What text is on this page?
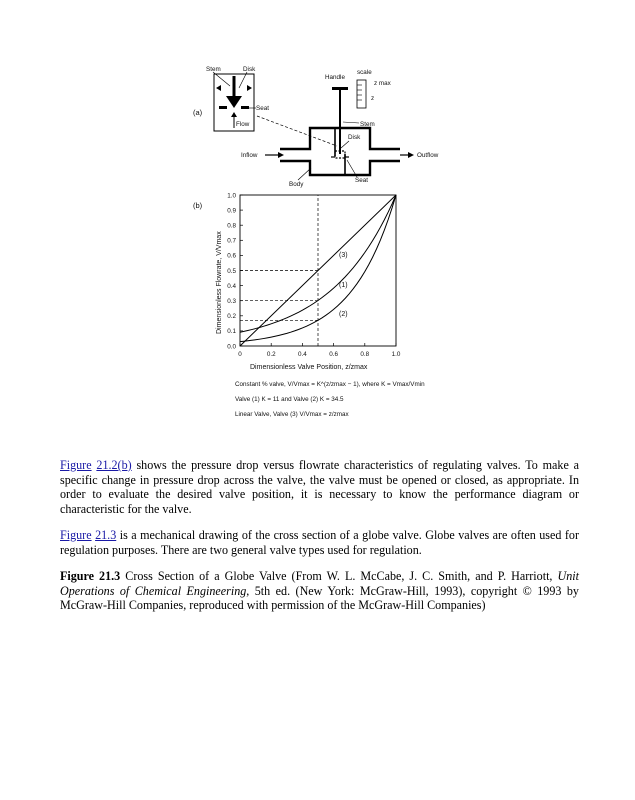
(a)
Stem	Disk
Flow
Seat
Handle
scale
z max
z
Stem
Disk
Inflow	Outflow
Body
Seat
(b)
0.0
0.1
0.2
0.3
0.4
0.5
0.6
0.7
0.8
0.9
1.0
0	0.2	0.4	0.6	0.8	1.0
Dimensionless Valve Position, z/zmax
Dimensionless Flowrate, V/Vmax	(3)
(1)
(2)
Constant % valve, V/Vmax = K^(z/zmax − 1), where K = Vmax/Vmin
Valve (1) K = 11 and Valve (2) K = 34.5
Linear Valve, Valve (3) V/Vmax = z/zmax
Figure 21.2(b) shows the pressure drop versus flowrate characteristics of regulating valves. To make a specific change in pressure drop across the valve, the valve must be opened or closed, as appropriate. In order to evaluate the desired valve position, it is necessary to know the performance diagram or characteristic for the valve.
Figure 21.3 is a mechanical drawing of the cross section of a globe valve. Globe valves are often used for regulation purposes. There are two general valve types used for regulation.
Figure 21.3 Cross Section of a Globe Valve (From W. L. McCabe, J. C. Smith, and P. Harriott, Unit Operations of Chemical Engineering, 5th ed. (New York: McGraw-Hill, 1993), copyright © 1993 by McGraw-Hill Companies, reproduced with permission of the McGraw-Hill Companies)
